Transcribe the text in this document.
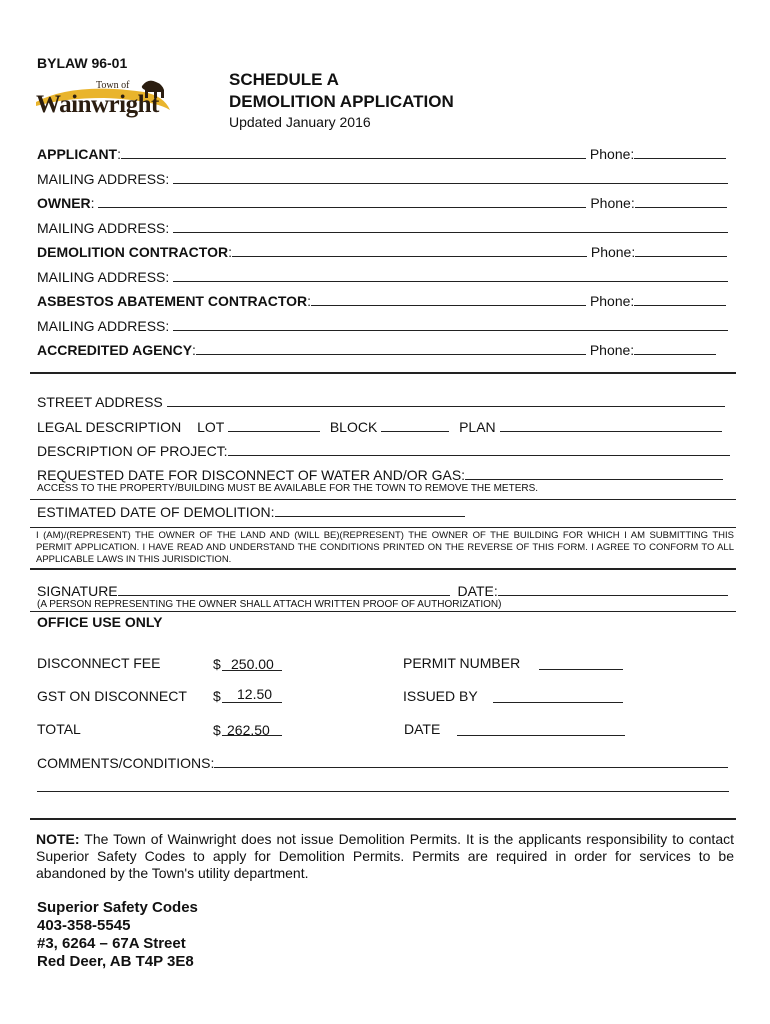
BYLAW 96-01
Town of
Wainwright
SCHEDULE A
DEMOLITION APPLICATION
Updated January 2016
APPLICANT:	Phone:
MAILING ADDRESS:
OWNER:	Phone:
MAILING ADDRESS:
DEMOLITION CONTRACTOR:	Phone:
MAILING ADDRESS:
ASBESTOS ABATEMENT CONTRACTOR:	Phone:
MAILING ADDRESS:
ACCREDITED AGENCY:	Phone:
STREET ADDRESS
LEGAL DESCRIPTION LOT	BLOCK	PLAN
DESCRIPTION OF PROJECT:
REQUESTED DATE FOR DISCONNECT OF WATER AND/OR GAS:
ACCESS TO THE PROPERTY/BUILDING MUST BE AVAILABLE FOR THE TOWN TO REMOVE THE METERS.
ESTIMATED DATE OF DEMOLITION:
I (AM)/(REPRESENT) THE OWNER OF THE LAND AND (WILL BE)(REPRESENT) THE OWNER OF THE BUILDING FOR WHICH I AM SUBMITTING THIS PERMIT APPLICATION. I HAVE READ AND UNDERSTAND THE CONDITIONS PRINTED ON THE REVERSE OF THIS FORM. I AGREE TO CONFORM TO ALL APPLICABLE LAWS IN THIS JURISDICTION.
SIGNATURE	DATE:
(A PERSON REPRESENTING THE OWNER SHALL ATTACH WRITTEN PROOF OF AUTHORIZATION)
OFFICE USE ONLY
DISCONNECT FEE	$ 250.00	PERMIT NUMBER
GST ON DISCONNECT $ 12.50	ISSUED BY
TOTAL	$ 262.50	DATE
COMMENTS/CONDITIONS:
NOTE: The Town of Wainwright does not issue Demolition Permits. It is the applicants responsibility to contact Superior Safety Codes to apply for Demolition Permits. Permits are required in order for services to be abandoned by the Town's utility department.
Superior Safety Codes
403-358-5545
#3, 6264 – 67A Street
Red Deer, AB T4P 3E8
